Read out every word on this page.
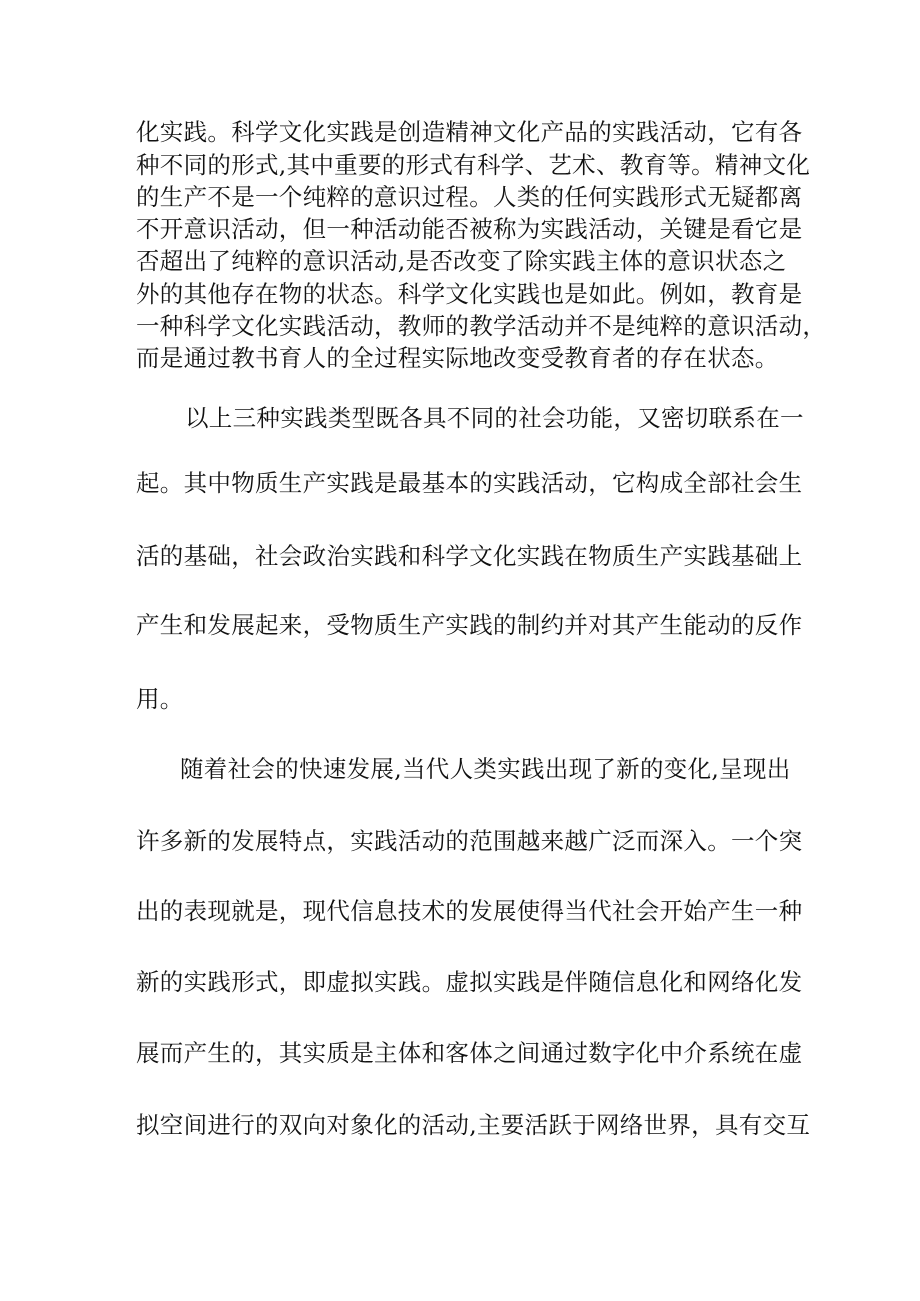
化实践。科学文化实践是创造精神文化产品的实践活动，它有各
种不同的形式,其中重要的形式有科学、艺术、教育等。精神文化
的生产不是一个纯粹的意识过程。人类的任何实践形式无疑都离
不开意识活动，但一种活动能否被称为实践活动，关键是看它是
否超出了纯粹的意识活动,是否改变了除实践主体的意识状态之
外的其他存在物的状态。科学文化实践也是如此。例如，教育是
一种科学文化实践活动，教师的教学活动并不是纯粹的意识活动，
而是通过教书育人的全过程实际地改变受教育者的存在状态。
以上三种实践类型既各具不同的社会功能，又密切联系在一
起。其中物质生产实践是最基本的实践活动，它构成全部社会生
活的基础，社会政治实践和科学文化实践在物质生产实践基础上
产生和发展起来，受物质生产实践的制约并对其产生能动的反作
用。
随着社会的快速发展,当代人类实践出现了新的变化,呈现出
许多新的发展特点，实践活动的范围越来越广泛而深入。一个突
出的表现就是，现代信息技术的发展使得当代社会开始产生一种
新的实践形式，即虚拟实践。虚拟实践是伴随信息化和网络化发
展而产生的，其实质是主体和客体之间通过数字化中介系统在虚
拟空间进行的双向对象化的活动,主要活跃于网络世界，具有交互
